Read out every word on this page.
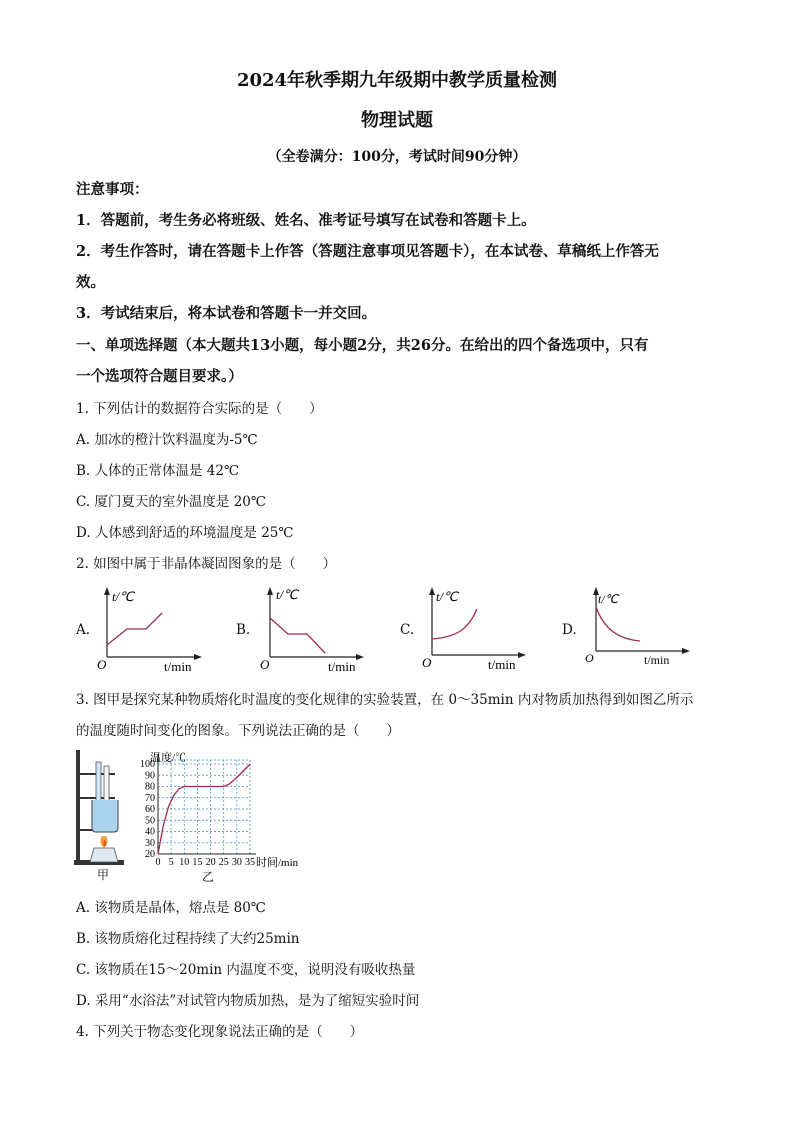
2024年秋季期九年级期中教学质量检测
物理试题
（全卷满分：100分，考试时间90分钟）
注意事项：
1．答题前，考生务必将班级、姓名、准考证号填写在试卷和答题卡上。
2．考生作答时，请在答题卡上作答（答题注意事项见答题卡），在本试卷、草稿纸上作答无
效。
3．考试结束后，将本试卷和答题卡一并交回。
一、单项选择题（本大题共13小题，每小题2分，共26分。在给出的四个备选项中，只有
一个选项符合题目要求。）
1. 下列估计的数据符合实际的是（　　）
A. 加冰的橙汁饮料温度为-5℃
B. 人体的正常体温是 42℃
C. 厦门夏天的室外温度是 20℃
D. 人体感到舒适的环境温度是 25℃
2. 如图中属于非晶体凝固图象的是（　　）
A.
t/℃
O	t/min
B.
t/℃
O	t/min
C.
t/℃
O	t/min
D.
t/℃
O	t/min
3. 图甲是探究某种物质熔化时温度的变化规律的实验装置，在 0～35min 内对物质加热得到如图乙所示
的温度随时间变化的图象。下列说法正确的是（　　）
甲
20
30
40
50
60
70
80
90
100
0 5 10 15 20 25 30 35
温度/℃
时间/min
乙
A. 该物质是晶体，熔点是 80℃
B. 该物质熔化过程持续了大约25min
C. 该物质在15～20min 内温度不变，说明没有吸收热量
D. 采用“水浴法”对试管内物质加热，是为了缩短实验时间
4. 下列关于物态变化现象说法正确的是（　　）
